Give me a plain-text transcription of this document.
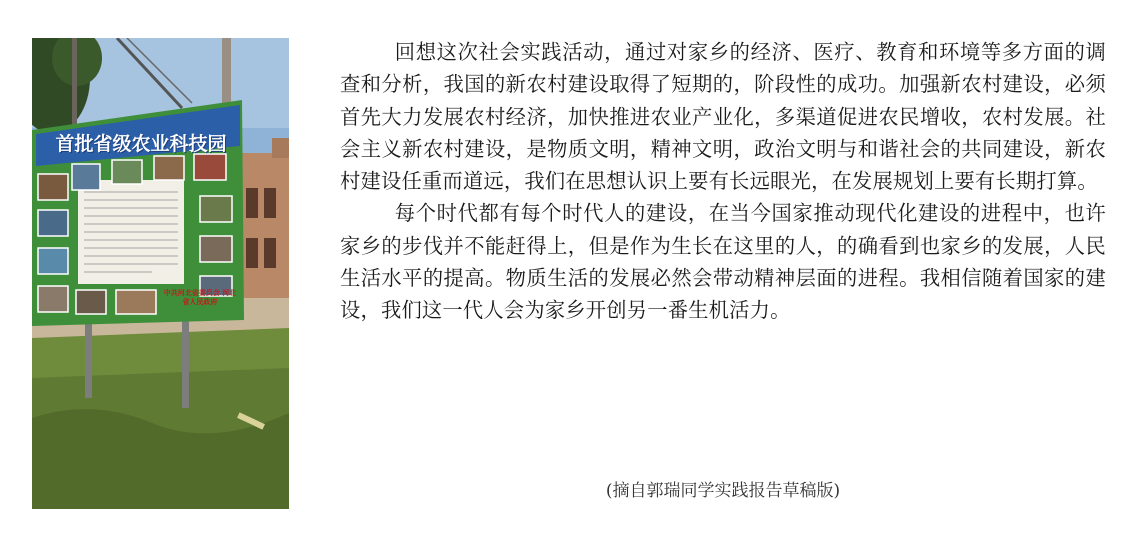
首批省级农业科技园
中共河北省委员会 河北省人民政府

回想这次社会实践活动，通过对家乡的经济、医疗、教育和环境等多方面的调查和分析，我国的新农村建设取得了短期的，阶段性的成功。加强新农村建设，必须首先大力发展农村经济，加快推进农业产业化，多渠道促进农民增收，农村发展。社会主义新农村建设，是物质文明，精神文明，政治文明与和谐社会的共同建设，新农村建设任重而道远，我们在思想认识上要有长远眼光，在发展规划上要有长期打算。

每个时代都有每个时代人的建设，在当今国家推动现代化建设的进程中，也许家乡的步伐并不能赶得上，但是作为生长在这里的人，的确看到也家乡的发展，人民生活水平的提高。物质生活的发展必然会带动精神层面的进程。我相信随着国家的建设，我们这一代人会为家乡开创另一番生机活力。

(摘自郭瑞同学实践报告草稿版)
